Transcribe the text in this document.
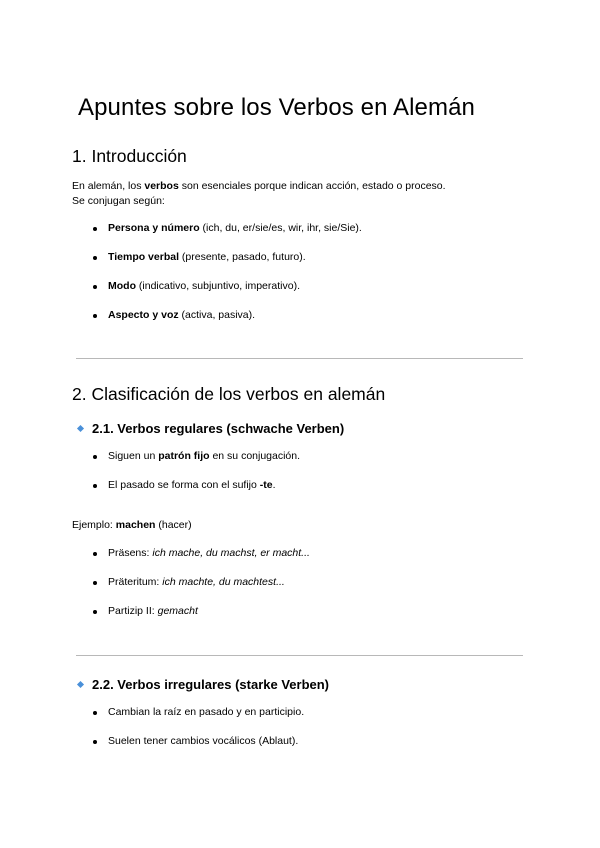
Apuntes sobre los Verbos en Alemán
1. Introducción

En alemán, los verbos son esenciales porque indican acción, estado o proceso.
Se conjugan según:

Persona y número (ich, du, er/sie/es, wir, ihr, sie/Sie).
Tiempo verbal (presente, pasado, futuro).
Modo (indicativo, subjuntivo, imperativo).
Aspecto y voz (activa, pasiva).
2. Clasificación de los verbos en alemán
2.1. Verbos regulares (schwache Verben)
Siguen un patrón fijo en su conjugación.
El pasado se forma con el sufijo -te.

Ejemplo: machen (hacer)

Präsens: ich mache, du machst, er macht...
Präteritum: ich machte, du machtest...
Partizip II: gemacht
2.2. Verbos irregulares (starke Verben)
Cambian la raíz en pasado y en participio.
Suelen tener cambios vocálicos (Ablaut).
